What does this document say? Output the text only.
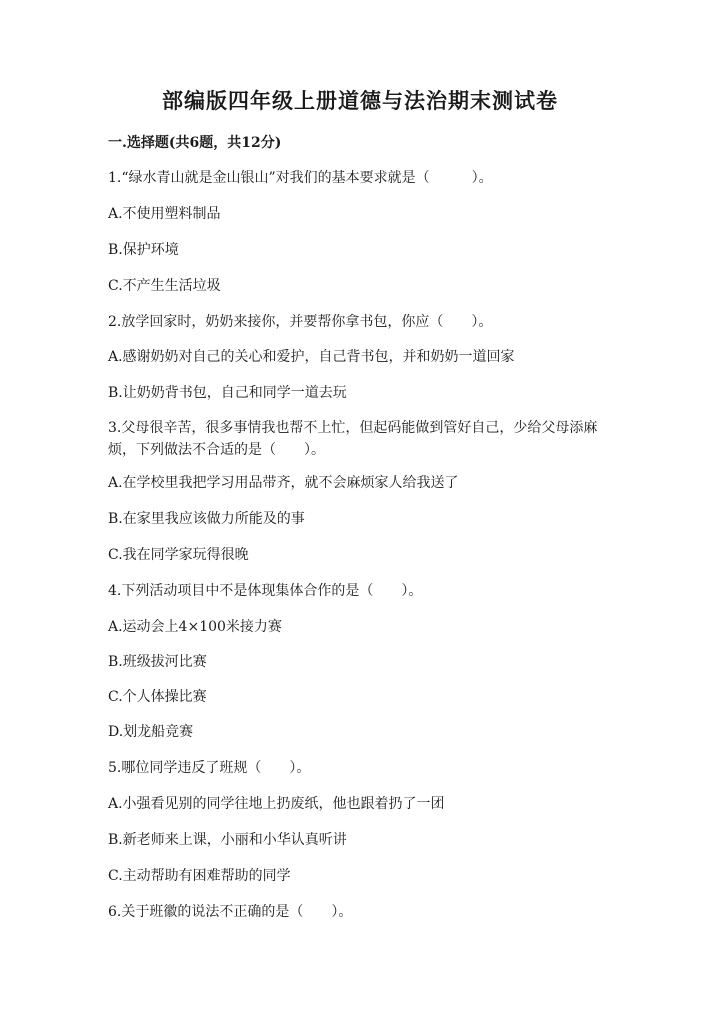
部编版四年级上册道德与法治期末测试卷
一.选择题(共6题，共12分)
1.“绿水青山就是金山银山”对我们的基本要求就是（　　　）。
A.不使用塑料制品
B.保护环境
C.不产生生活垃圾
2.放学回家时，奶奶来接你，并要帮你拿书包，你应（　　）。
A.感谢奶奶对自己的关心和爱护，自己背书包，并和奶奶一道回家
B.让奶奶背书包，自己和同学一道去玩
3.父母很辛苦，很多事情我也帮不上忙，但起码能做到管好自己，少给父母添麻烦，下列做法不合适的是（　　）。
A.在学校里我把学习用品带齐，就不会麻烦家人给我送了
B.在家里我应该做力所能及的事
C.我在同学家玩得很晚
4.下列活动项目中不是体现集体合作的是（　　）。
A.运动会上4×100米接力赛
B.班级拔河比赛
C.个人体操比赛
D.划龙船竞赛
5.哪位同学违反了班规（　　）。
A.小强看见别的同学往地上扔废纸，他也跟着扔了一团
B.新老师来上课，小丽和小华认真听讲
C.主动帮助有困难帮助的同学
6.关于班徽的说法不正确的是（　　）。
